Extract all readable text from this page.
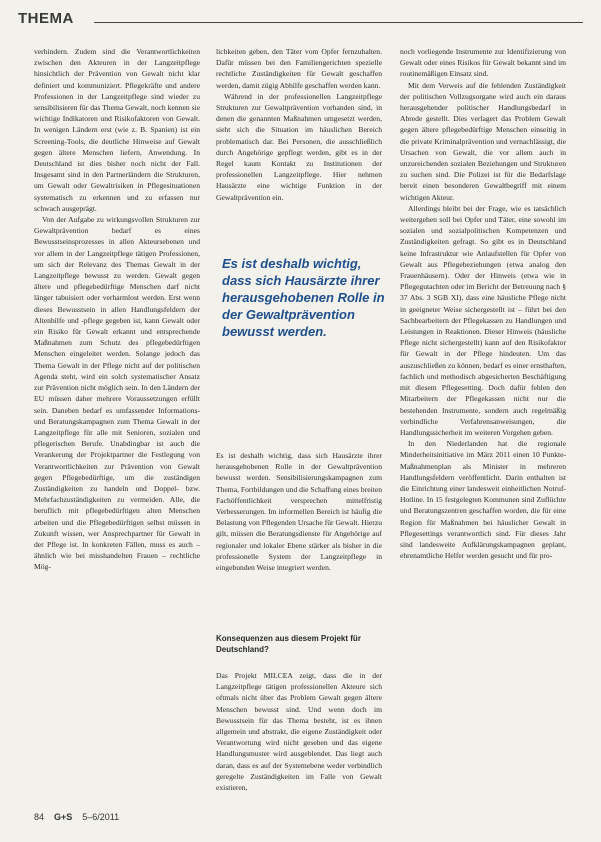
THEMA

verhindern. Zudem sind die Verantwortlichkeiten zwischen den Akteuren in der Langzeitpflege hinsichtlich der Prävention von Gewalt nicht klar definiert und kommuniziert. Pflegekräfte und andere Professionen in der Langzeitpflege sind wieder zu sensibilisieren für das Thema Gewalt, noch kennen sie wichtige Indikatoren und Risikofaktoren von Gewalt. In wenigen Ländern erst (wie z. B. Spanien) ist ein Screening-Tools, die deutliche Hinweise auf Gewalt gegen ältere Menschen liefern, Anwendung. In Deutschland ist dies bisher noch nicht der Fall. Insgesamt sind in den Partnerländern die Strukturen, um Gewalt oder Gewaltrisiken in Pflegesituationen systematisch zu erkennen und zu erfassen nur schwach ausgeprägt.

Von der Aufgabe zu wirkungsvollen Strukturen zur Gewaltprävention bedarf es eines Bewusstseinsprozesses in allen Akteursebenen und vor allem in der Langzeitpflege tätigen Professionen, um sich der Relevanz des Themas Gewalt in der Langzeitpflege bewusst zu werden. Gewalt gegen ältere und pflegebedürftige Menschen darf nicht länger tabuisiert oder verharmlost werden. Erst wenn dieses Bewusstsein in allen Handlungsfeldern der Altenhilfe und -pflege gegeben ist, kann Gewalt oder ein Risiko für Gewalt erkannt und entsprechende Maßnahmen zum Schutz des pflegebedürftigen Menschen eingeleitet werden. Solange jedoch das Thema Gewalt in der Pflege nicht auf der politischen Agenda steht, wird ein solch systematischer Ansatz zur Prävention nicht möglich sein. In den Ländern der EU müssen daher mehrere Voraussetzungen erfüllt sein. Daneben bedarf es umfassender Informations- und Beratungskampagnen zum Thema Gewalt in der Langzeitpflege für alle mit Senioren, sozialen und pflegerischen Berufe. Unabdingbar ist auch die Verankerung der Projektpartner die Festlegung von Verantwortlichkeiten zur Prävention von Gewalt gegen Pflegebedürftige, um die zuständigen Zuständigkeiten zu handeln und Doppel- bzw. Mehrfachzuständigkeiten zu vermeiden. Alle, die beruflich mit pflegebedürftigen alten Menschen arbeiten und die Pflegebedürftigen selbst müssen in Zukunft wissen, wer Ansprechpartner für Gewalt in der Pflege ist. In konkreten Fällen, muss es auch – ähnlich wie bei misshandelten Frauen – rechtliche Mög-

lichkeiten geben, den Täter vom Opfer fernzuhalten. Dafür müssen bei den Familiengerichten spezielle rechtliche Zuständigkeiten für Gewalt geschaffen werden, damit zügig Abhilfe geschaffen werden kann.

Während in der professionellen Langzeitpflege Strukturen zur Gewaltprävention vorhanden sind, in denen die genannten Maßnahmen umgesetzt werden, sieht sich die Situation im häuslichen Bereich problematisch dar. Bei Personen, die ausschließlich durch Angehörige gepflegt werden, gibt es in der Regel kaum Kontakt zu Institutionen der professionellen Langzeitpflege. Hier nehmen Hausärzte eine wichtige Funktion in der Gewaltprävention ein.

Es ist deshalb wichtig, dass sich Hausärzte ihrer herausgehobenen Rolle in der Gewaltprävention bewusst werden.

Es ist deshalb wichtig, dass sich Hausärzte ihrer herausgehobenen Rolle in der Gewaltprävention bewusst werden. Sensibilisierungskampagnen zum Thema, Fortbildungen und die Schaffung eines breiten Fachöffentlichkeit versprechen mittelfristig Verbesserungen. Im informellen Bereich ist häufig die Belastung von Pflegenden Ursache für Gewalt. Hierzu gilt, müssen die Beratungsdienste für Angehörige auf regionaler und lokaler Ebene stärker als bisher in die professionelle System der Langzeitpflege in eingebunden Weise integriert werden.

Konsequenzen aus diesem Projekt für Deutschland?

Das Projekt MILCEA zeigt, dass die in der Langzeitpflege tätigen professionellen Akteure sich oftmals nicht über das Problem Gewalt gegen ältere Menschen bewusst sind. Und wenn doch im Bewusstsein für das Thema besteht, ist es ihnen allgemein und abstrakt, die eigene Zuständigkeit oder Verantwortung wird nicht gesehen und das eigene Handlungsmuster wird ausgeblendet. Das liegt auch daran, dass es auf der Systemebene weder verbindlich geregelte Zuständigkeiten im Falle von Gewalt existieren,

noch vorliegende Instrumente zur Identifizierung von Gewalt oder eines Risikos für Gewalt bekannt sind im routinemäßigen Einsatz sind.

Mit dem Verweis auf die fehlenden Zuständigkeit der politischen Vollzugsorgane wird auch ein daraus herausgehender politischer Handlungsbedarf in Abrede gestellt. Dies verlagert das Problem Gewalt gegen ältere pflegebedürftige Menschen einseitig in die private Kriminalprävention und vernachlässigt, die Ursachen von Gewalt, die vor allem auch in unzureichenden sozialen Beziehungen und Strukturen zu suchen sind. Die Polizei ist für die Bedarfslage bereit einen besonderen Gewaltbegriff mit einem wichtigen Akteur.

Allerdings bleibt bei der Frage, wie es tatsächlich weitergehen soll bei Opfer und Täter, eine sowohl im sozialen und sozialpolitischen Kompetenzen und Zuständigkeiten gefragt. So gibt es in Deutschland keine Infrastruktur wie Anlaufstellen für Opfer von Gewalt aus Pflegebeziehungen (etwa analog den Frauenhäusern). Oder der Hinweis (etwa wie in Pflegegutachten oder im Bericht der Betreuung nach § 37 Abs. 3 SGB XI), dass eine häusliche Pflege nicht in geeigneter Weise sichergestellt ist – führt bei den Sachbearbeitern der Pflegekassen zu Handlungen und Leistungen in Reaktionen. Dieser Hinweis (häusliche Pflege nicht sichergestellt) kann auf den Risikofaktor für Gewalt in der Pflege hindeuten. Um das auszuschließen zu können, bedarf es einer ernsthaften, fachlich und methodisch abgesicherten Beschäftigung mit diesem Pflegesetting. Doch dafür fehlen den Mitarbeitern der Pflegekassen nicht nur die bestehenden Instrumente, sondern auch regelmäßig verbindliche Verfahrensanweisungen, die Handlungssicherheit im weiteren Vorgehen geben.

In den Niederlanden hat die regionale Minderheitsinitiative im März 2011 einen 10 Punkte-Maßnahmenplan als Minister in mehreren Handlungsfeldern veröffentlicht. Darin enthalten ist die Einrichtung einer landesweit einheitlichen Notruf-Hotline. In 15 festgelegten Kommunen sind Zuflüchte und Beratungszentren geschaffen worden, die für eine Region für Maßnahmen bei häuslicher Gewalt in Pflegesettings verantwortlich sind. Für dieses Jahr sind landesweite Aufklärungskampagnen geplant, ehrenamtliche Helfer werden gesucht und für pro-

84 G+S 5–6/2011
